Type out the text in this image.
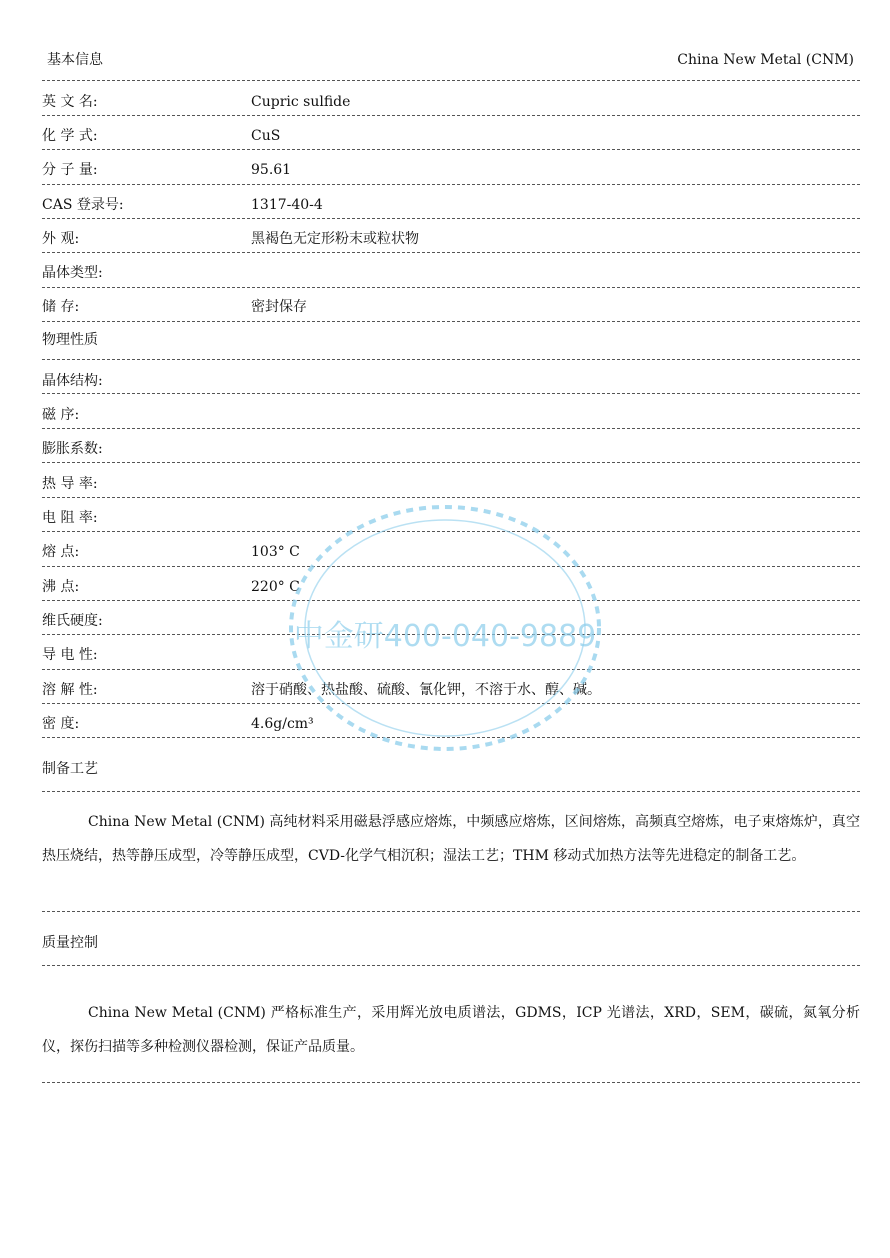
基本信息	China New Metal (CNM)
英 文 名:	Cupric sulfide
化 学 式:	CuS
分 子 量:	95.61
CAS 登录号:	1317-40-4
外 观:	黑褐色无定形粉末或粒状物
晶体类型:
储 存:	密封保存
物理性质
晶体结构:
磁 序:
膨胀系数:
热 导 率:
电 阻 率:
熔 点:	103° C
沸 点:	220° C
维氏硬度:
导 电 性:
溶 解 性:	溶于硝酸、热盐酸、硫酸、氰化钾，不溶于水、醇、碱。
密 度:	4.6g/cm³
制备工艺
China New Metal (CNM) 高纯材料采用磁悬浮感应熔炼，中频感应熔炼，区间熔炼，高频真空熔炼，电子束熔炼炉，真空热压烧结，热等静压成型，冷等静压成型，CVD-化学气相沉积；湿法工艺；THM 移动式加热方法等先进稳定的制备工艺。
质量控制
China New Metal (CNM) 严格标准生产，采用辉光放电质谱法，GDMS，ICP 光谱法，XRD，SEM，碳硫，氮氧分析仪，探伤扫描等多种检测仪器检测，保证产品质量。
中金研400-040-9889
